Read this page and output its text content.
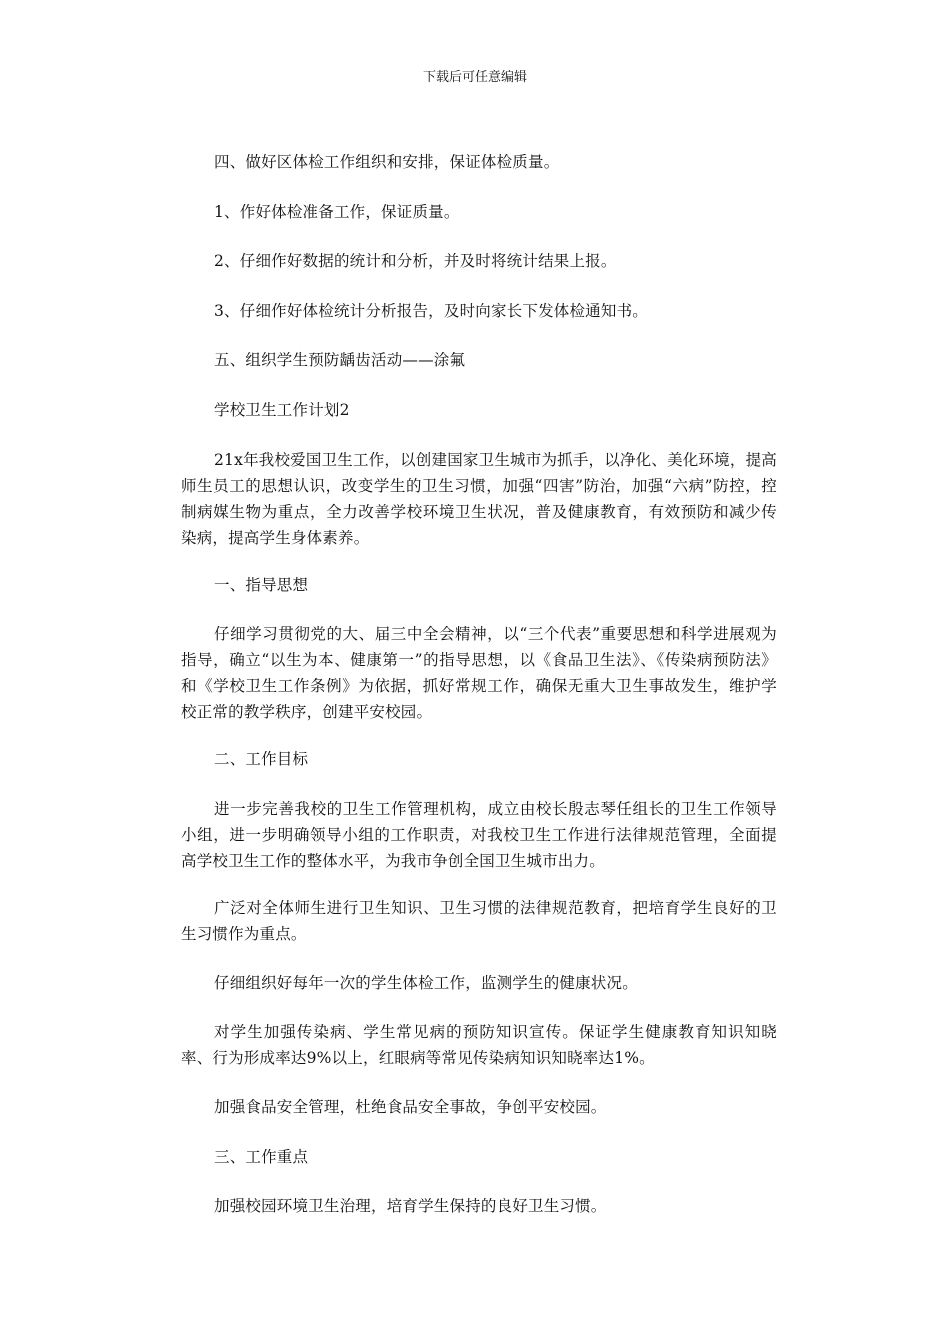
下载后可任意编辑

四、做好区体检工作组织和安排，保证体检质量。

1、作好体检准备工作，保证质量。

2、仔细作好数据的统计和分析，并及时将统计结果上报。

3、仔细作好体检统计分析报告，及时向家长下发体检通知书。

五、组织学生预防龋齿活动——涂氟

学校卫生工作计划2

21x年我校爱国卫生工作，以创建国家卫生城市为抓手，以净化、美化环境，提高师生员工的思想认识，改变学生的卫生习惯，加强“四害”防治，加强“六病”防控，控制病媒生物为重点，全力改善学校环境卫生状况，普及健康教育，有效预防和减少传染病，提高学生身体素养。

一、指导思想

仔细学习贯彻党的大、届三中全会精神，以“三个代表”重要思想和科学进展观为指导，确立“以生为本、健康第一”的指导思想，以《食品卫生法》、《传染病预防法》和《学校卫生工作条例》为依据，抓好常规工作，确保无重大卫生事故发生，维护学校正常的教学秩序，创建平安校园。

二、工作目标

进一步完善我校的卫生工作管理机构，成立由校长殷志琴任组长的卫生工作领导小组，进一步明确领导小组的工作职责，对我校卫生工作进行法律规范管理，全面提高学校卫生工作的整体水平，为我市争创全国卫生城市出力。

广泛对全体师生进行卫生知识、卫生习惯的法律规范教育，把培育学生良好的卫生习惯作为重点。

仔细组织好每年一次的学生体检工作，监测学生的健康状况。

对学生加强传染病、学生常见病的预防知识宣传。保证学生健康教育知识知晓率、行为形成率达9%以上，红眼病等常见传染病知识知晓率达1%。

加强食品安全管理，杜绝食品安全事故，争创平安校园。

三、工作重点

加强校园环境卫生治理，培育学生保持的良好卫生习惯。
